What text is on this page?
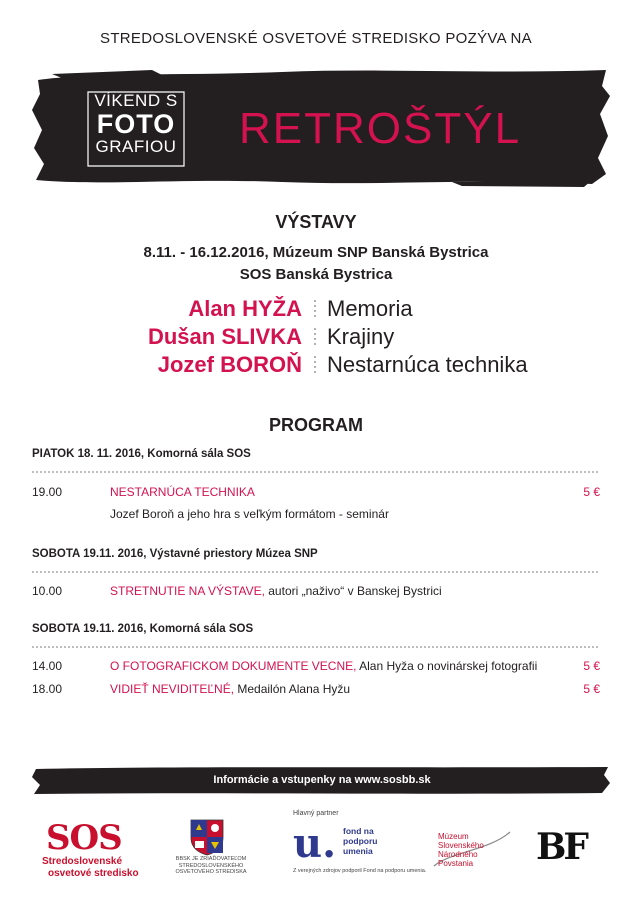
STREDOSLOVENSKÉ OSVETOVÉ STREDISKO POZÝVA NA
VÍKEND S
FOTO
GRAFIOU RETROŠTÝL
VÝSTAVY
8.11. - 16.12.2016, Múzeum SNP Banská Bystrica
SOS Banská Bystrica
Alan HYŽA Memoria
Dušan SLIVKA Krajiny
Jozef BOROŇ Nestarnúca technika
PROGRAM
PIATOK 18. 11. 2016, Komorná sála SOS
19.00	NESTARNÚCA TECHNIKA	5 €
Jozef Boroň a jeho hra s veľkým formátom - seminár
SOBOTA 19.11. 2016, Výstavné priestory Múzea SNP
10.00	STRETNUTIE NA VÝSTAVE, autori „naživo“ v Banskej Bystrici
SOBOTA 19.11. 2016, Komorná sála SOS
14.00	O FOTOGRAFICKOM DOKUMENTE VECNE, Alan Hyža o novinárskej fotografii	5 €
18.00	VIDIEŤ NEVIDITEĽNÉ, Medailón Alana Hyžu	5 €
Informácie a vstupenky na www.sosbb.sk
SOS
Stredoslovenské
osvetové stredisko
BBSK JE ZRIAĎOVATEĽOM STREDOSLOVENSKÉHO OSVETOVÉHO STREDISKA
Hlavný partner
u. fond na podporu umenia
Z verejných zdrojov podporil Fond na podporu umenia.
Múzeum Slovenského Národného Povstania	BF
